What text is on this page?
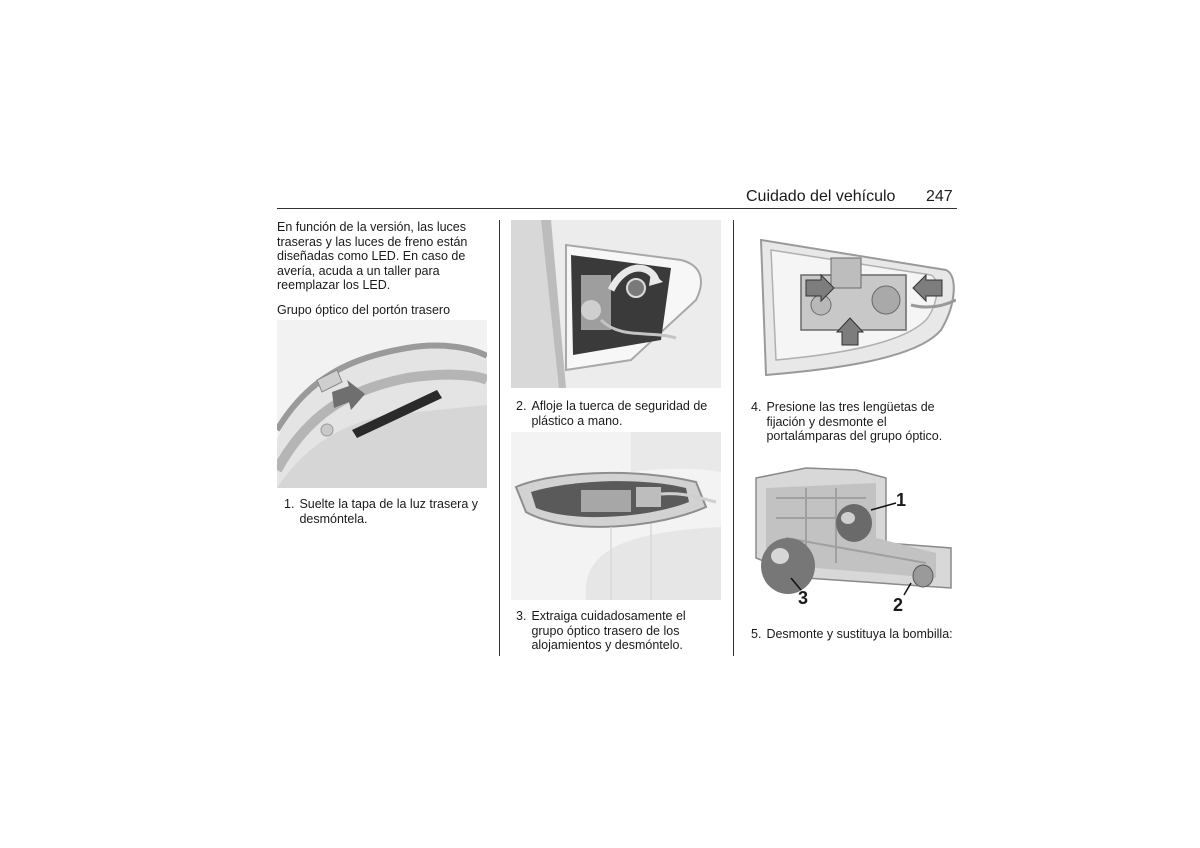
Cuidado del vehículo 247
En función de la versión, las luces traseras y las luces de freno están diseñadas como LED. En caso de avería, acuda a un taller para reemplazar los LED.
Grupo óptico del portón trasero
1. Suelte la tapa de la luz trasera y desmóntela.
2. Afloje la tuerca de seguridad de plástico a mano.
3. Extraiga cuidadosamente el grupo óptico trasero de los alojamientos y desmóntelo.
4. Presione las tres lengüetas de fijación y desmonte el portalámparas del grupo óptico.
1
2
3
5. Desmonte y sustituya la bombilla:
